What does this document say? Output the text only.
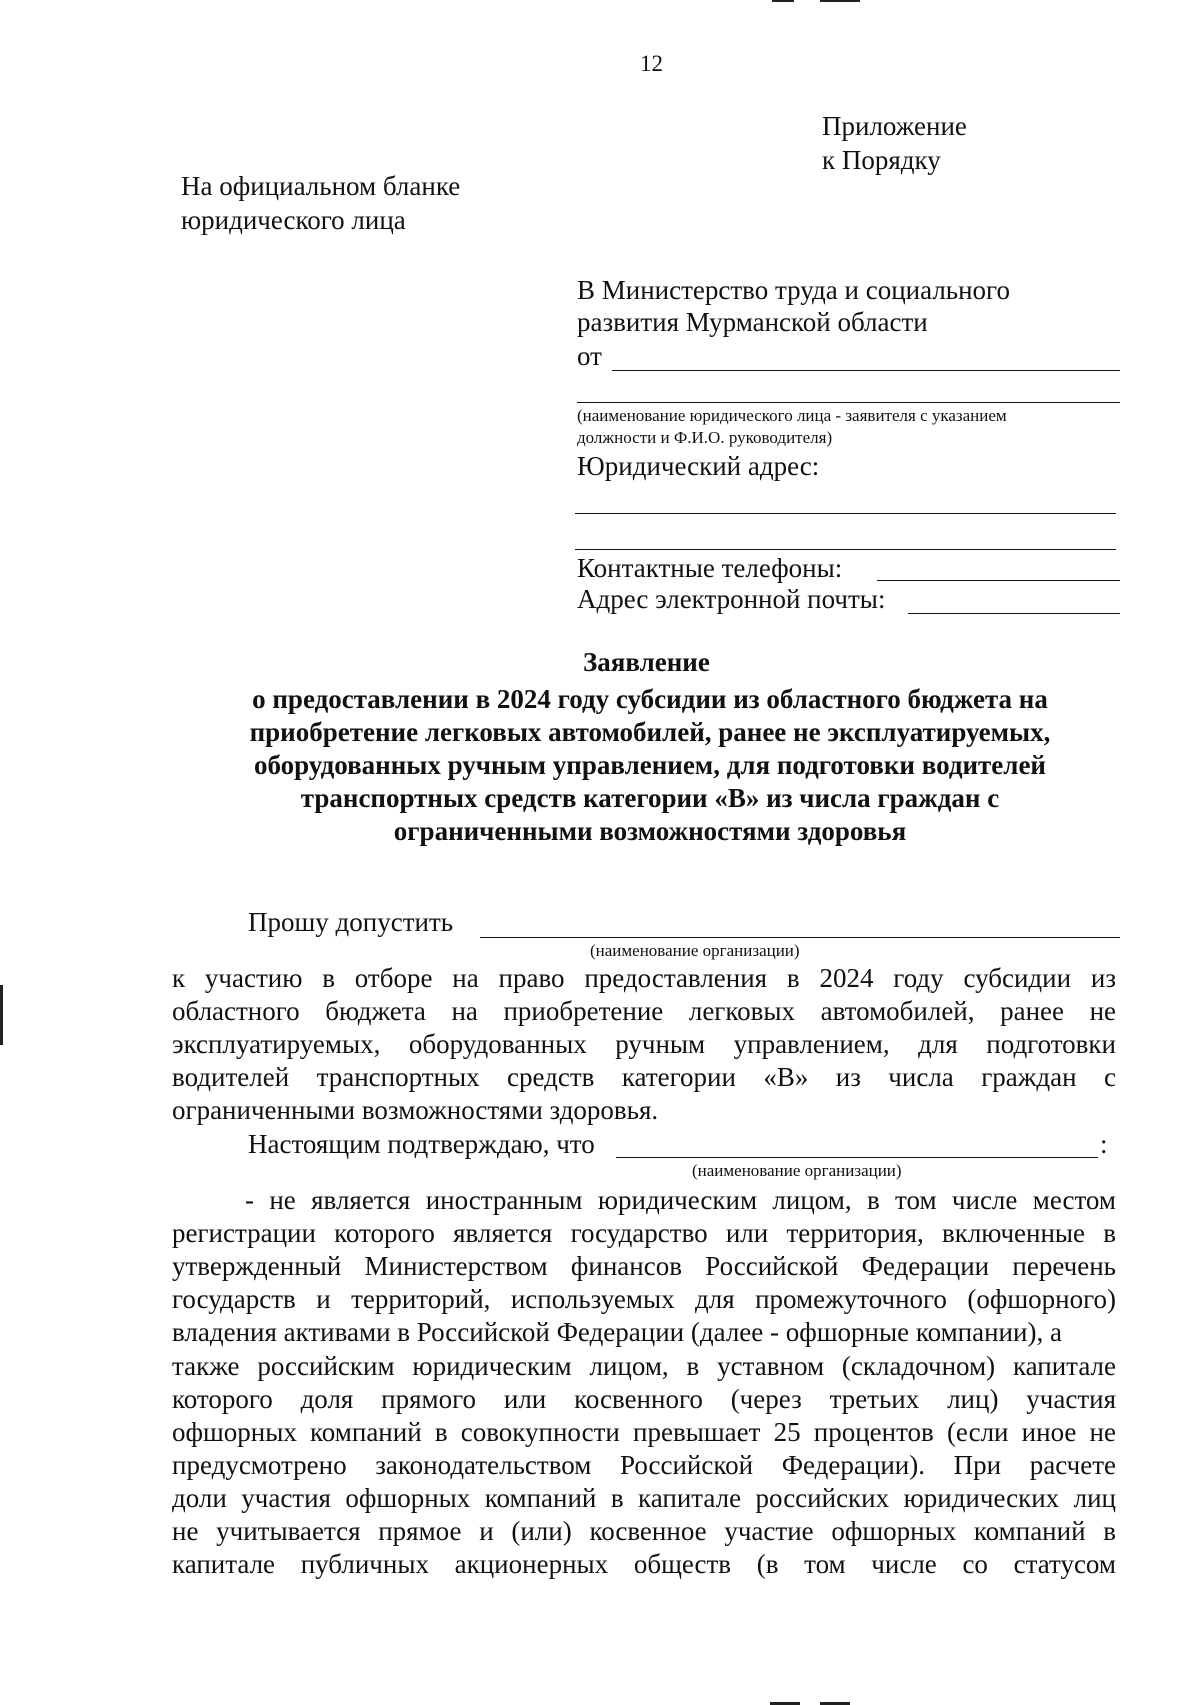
12
Приложение
к Порядку
На официальном бланке
юридического лица
В Министерство труда и социального
развития Мурманской области
от
(наименование юридического лица - заявителя с указанием
должности и Ф.И.О. руководителя)
Юридический адрес:
Контактные телефоны:
Адрес электронной почты:
Заявление
о предоставлении в 2024 году субсидии из областного бюджета на
приобретение легковых автомобилей, ранее не эксплуатируемых,
оборудованных ручным управлением, для подготовки водителей
транспортных средств категории «В» из числа граждан с
ограниченными возможностями здоровья
Прошу допустить
(наименование организации)
к участию в отборе на право предоставления в 2024 году субсидии из
областного бюджета на приобретение легковых автомобилей, ранее не
эксплуатируемых, оборудованных ручным управлением, для подготовки
водителей транспортных средств категории «В» из числа граждан с
ограниченными возможностями здоровья.
Настоящим подтверждаю, что	:
(наименование организации)
- не является иностранным юридическим лицом, в том числе местом
регистрации которого является государство или территория, включенные в
утвержденный Министерством финансов Российской Федерации перечень
государств и территорий, используемых для промежуточного (офшорного)
владения активами в Российской Федерации (далее - офшорные компании), а
также российским юридическим лицом, в уставном (складочном) капитале
которого доля прямого или косвенного (через третьих лиц) участия
офшорных компаний в совокупности превышает 25 процентов (если иное не
предусмотрено законодательством Российской Федерации). При расчете
доли участия офшорных компаний в капитале российских юридических лиц
не учитывается прямое и (или) косвенное участие офшорных компаний в
капитале публичных акционерных обществ (в том числе со статусом
